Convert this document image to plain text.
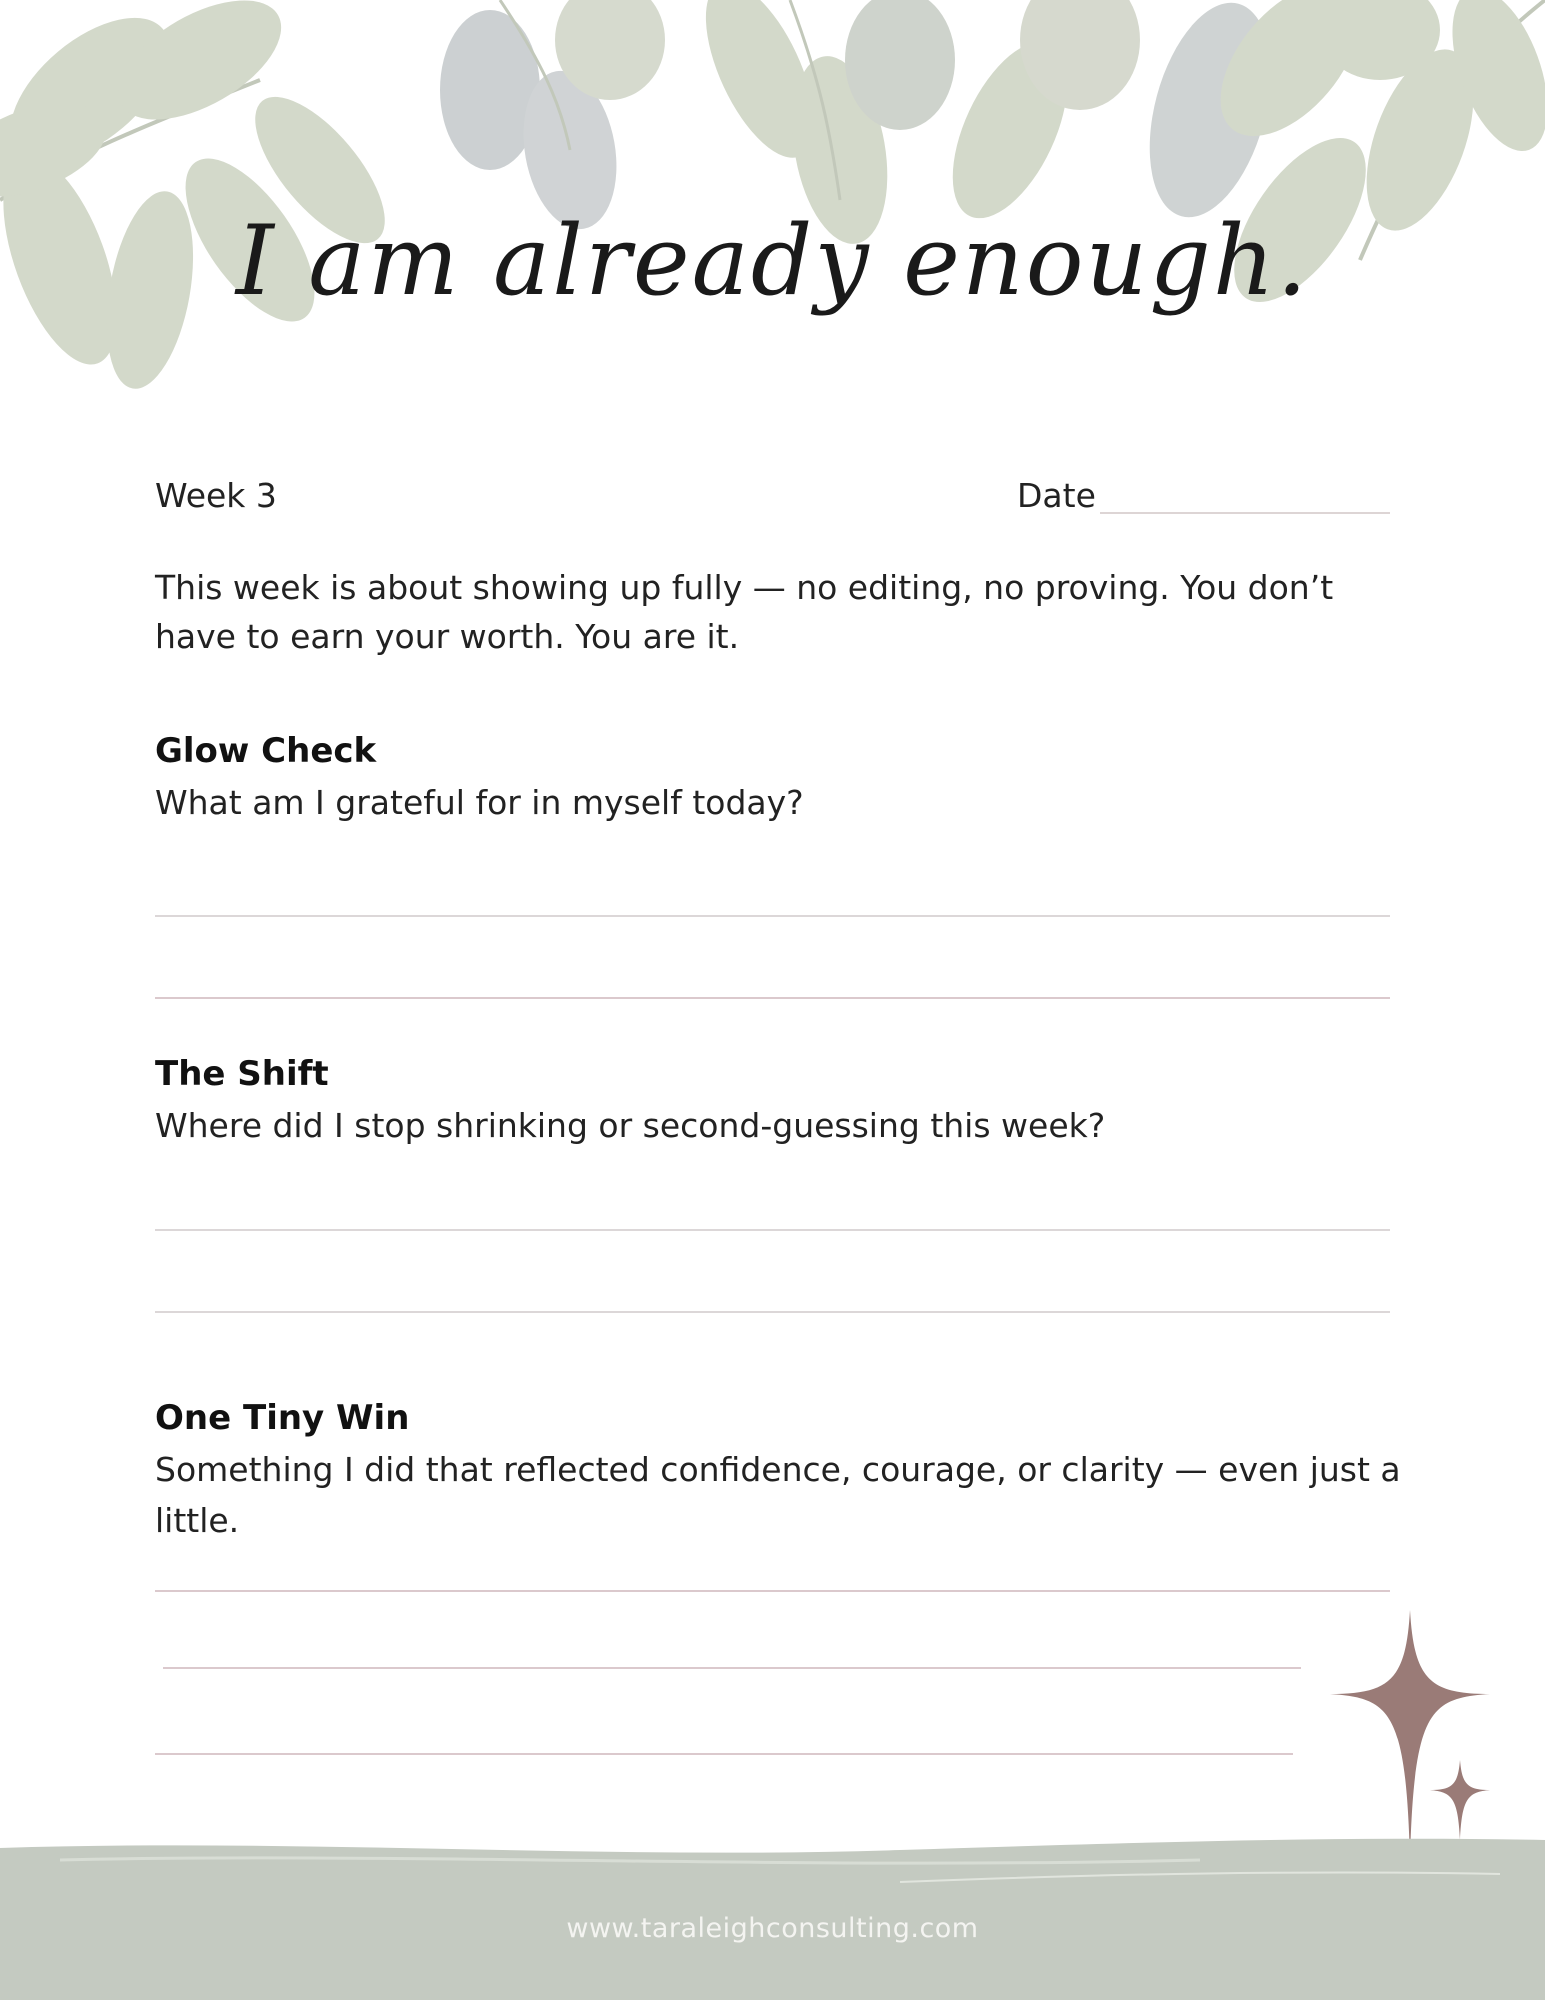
I am already enough.
Week 3	Date
This week is about showing up fully — no editing, no proving. You don’t have to earn your worth. You are it.
Glow Check
What am I grateful for in myself today?
The Shift
Where did I stop shrinking or second-guessing this week?
One Tiny Win
Something I did that reflected confidence, courage, or clarity — even just a little.
www.taraleighconsulting.com
